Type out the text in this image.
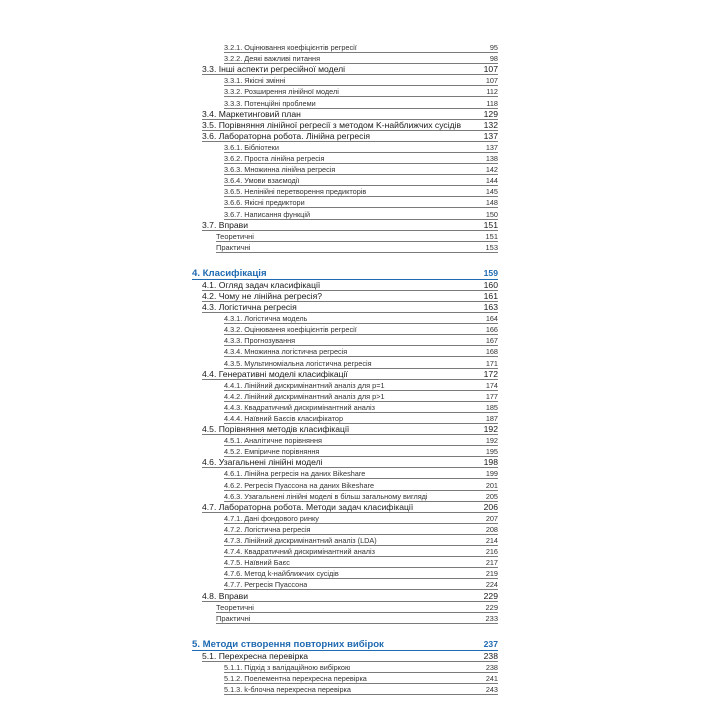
3.2.1. Оцінювання коефіцієнтів регресії	95
3.2.2. Деякі важливі питання	98
3.3. Інші аспекти регресійної моделі	107
3.3.1. Якісні змінні	107
3.3.2. Розширення лінійної моделі	112
3.3.3. Потенційні проблеми	118
3.4. Маркетинговий план	129
3.5. Порівняння лінійної регресії з методом K-найближчих сусідів	132
3.6. Лабораторна робота. Лінійна регресія	137
3.6.1. Бібліотеки	137
3.6.2. Проста лінійна регресія	138
3.6.3. Множинна лінійна регресія	142
3.6.4. Умови взаємодії	144
3.6.5. Нелінійні перетворення предикторів	145
3.6.6. Якісні предиктори	148
3.6.7. Написання функцій	150
3.7. Вправи	151
Теоретичні	151
Практичні	153
4. Класифікація	159
4.1. Огляд задач класифікації	160
4.2. Чому не лінійна регресія?	161
4.3. Логістична регресія	163
4.3.1. Логістична модель	164
4.3.2. Оцінювання коефіцієнтів регресії	166
4.3.3. Прогнозування	167
4.3.4. Множинна логістична регресія	168
4.3.5. Мультиноміальна логістична регресія	171
4.4. Генеративні моделі класифікації	172
4.4.1. Лінійний дискримінантний аналіз для p=1	174
4.4.2. Лінійний дискримінантний аналіз для p>1	177
4.4.3. Квадратичний дискримінантний аналіз	185
4.4.4. Наївний Баєсів класифікатор	187
4.5. Порівняння методів класифікації	192
4.5.1. Аналітичне порівняння	192
4.5.2. Емпіричне порівняння	195
4.6. Узагальнені лінійні моделі	198
4.6.1. Лінійна регресія на даних Bikeshare	199
4.6.2. Регресія Пуассона на даних Bikeshare	201
4.6.3. Узагальнені лінійні моделі в більш загальному вигляді	205
4.7. Лабораторна робота. Методи задач класифікації	206
4.7.1. Дані фондового ринку	207
4.7.2. Логістична регресія	208
4.7.3. Лінійний дискримінантний аналіз (LDA)	214
4.7.4. Квадратичний дискримінантний аналіз	216
4.7.5. Наївний Баєс	217
4.7.6. Метод k-найближчих сусідів	219
4.7.7. Регресія Пуассона	224
4.8. Вправи	229
Теоретичні	229
Практичні	233
5. Методи створення повторних вибірок	237
5.1. Перехресна перевірка	238
5.1.1. Підхід з валідаційною вибіркою	238
5.1.2. Поелементна перехресна перевірка	241
5.1.3. k-блочна перехресна перевірка	243
